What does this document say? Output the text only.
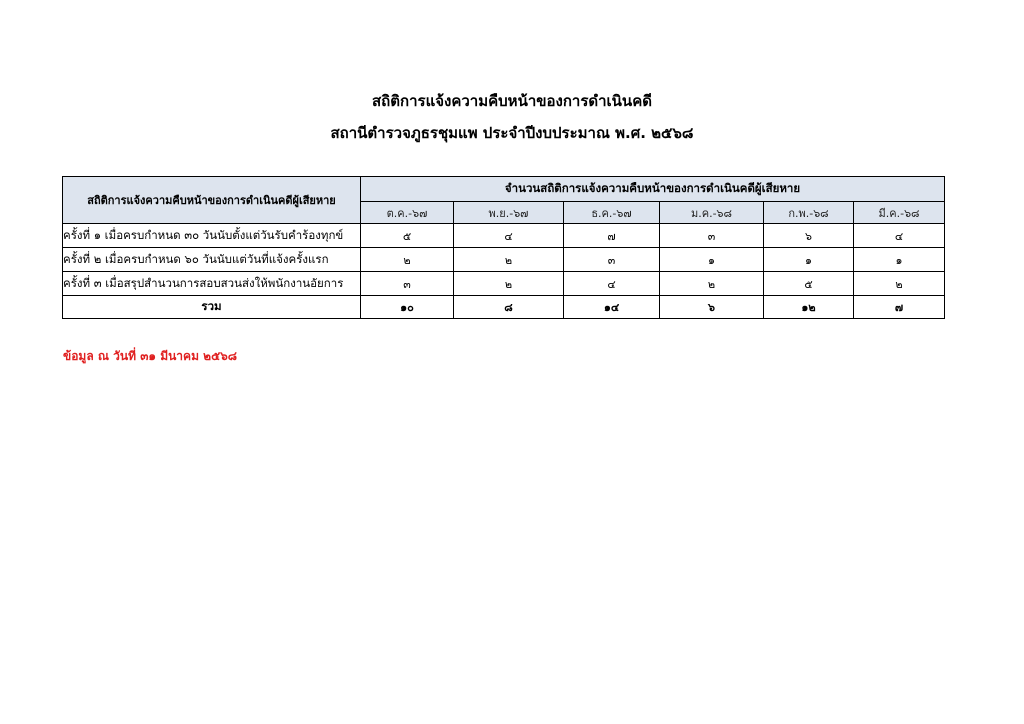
สถิติการแจ้งความคืบหน้าของการดำเนินคดี
สถานีตำรวจภูธรชุมแพ ประจำปีงบประมาณ พ.ศ. ๒๕๖๘
สถิติการแจ้งความคืบหน้าของการดำเนินคดีผู้เสียหาย	จำนวนสถิติการแจ้งความคืบหน้าของการดำเนินคดีผู้เสียหาย					
	ต.ค.-๖๗	พ.ย.-๖๗	ธ.ค.-๖๗	ม.ค.-๖๘	ก.พ.-๖๘	มี.ค.-๖๘
ครั้งที่ ๑ เมื่อครบกำหนด ๓๐ วันนับตั้งแต่วันรับคำร้องทุกข์	๕	๔	๗	๓	๖	๔
ครั้งที่ ๒ เมื่อครบกำหนด ๖๐ วันนับแต่วันที่แจ้งครั้งแรก	๒	๒	๓	๑	๑	๑
ครั้งที่ ๓ เมื่อสรุปสำนวนการสอบสวนส่งให้พนักงานอัยการ	๓	๒	๔	๒	๕	๒
รวม	๑๐	๘	๑๔	๖	๑๒	๗
ข้อมูล ณ วันที่ ๓๑ มีนาคม ๒๕๖๘
